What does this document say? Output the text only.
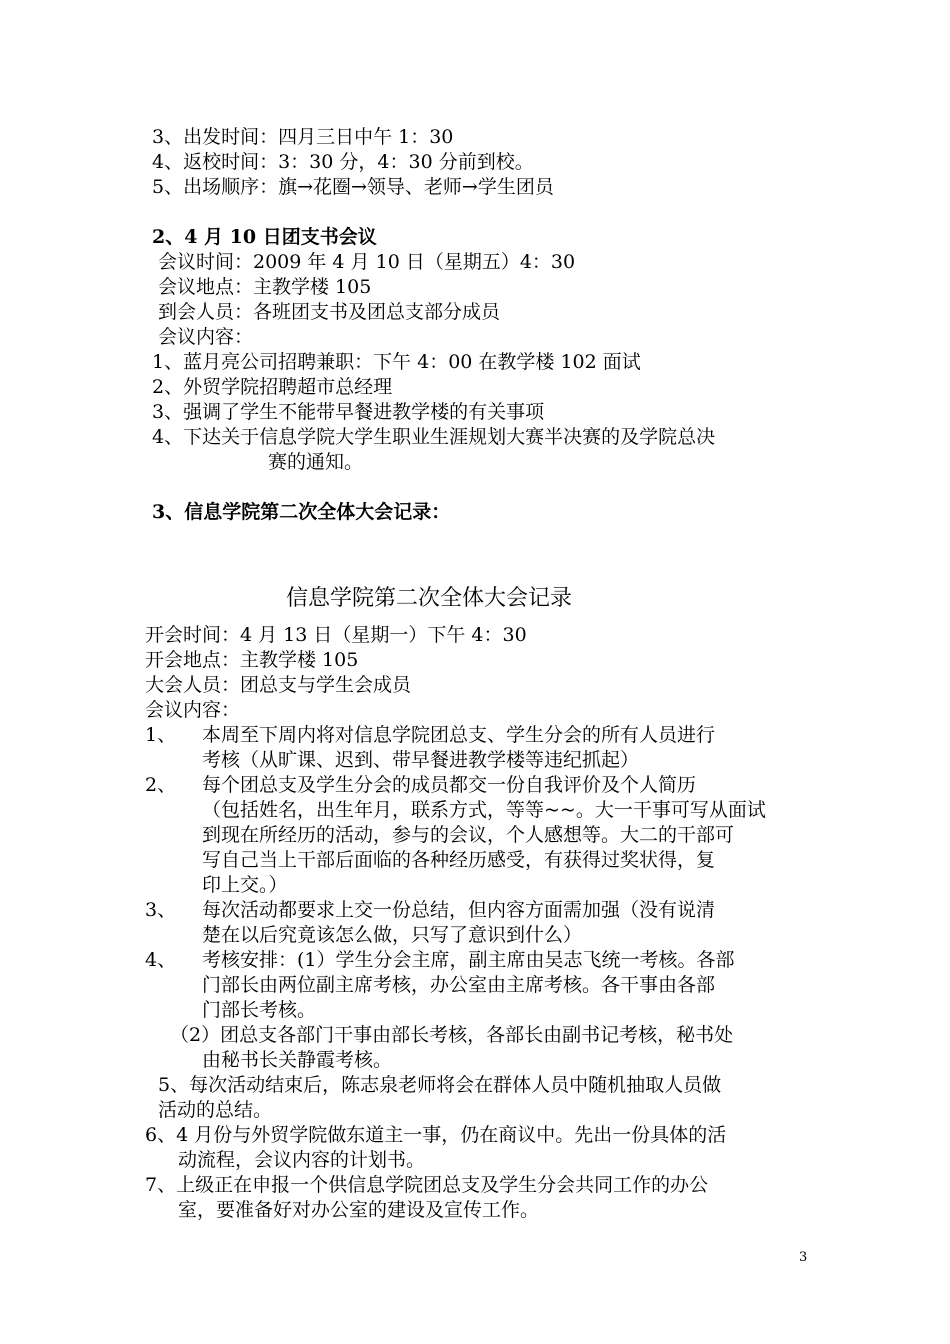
3、出发时间：四月三日中午 1：30
4、返校时间：3：30 分，4：30 分前到校。
5、出场顺序：旗→花圈→领导、老师→学生团员
2、4 月 10 日团支书会议
会议时间：2009 年 4 月 10 日（星期五）4：30
会议地点：主教学楼 105
到会人员：各班团支书及团总支部分成员
会议内容：
1、蓝月亮公司招聘兼职：下午 4：00 在教学楼 102 面试
2、外贸学院招聘超市总经理
3、强调了学生不能带早餐进教学楼的有关事项
4、下达关于信息学院大学生职业生涯规划大赛半决赛的及学院总决
赛的通知。
3、信息学院第二次全体大会记录：
信息学院第二次全体大会记录
开会时间：4 月 13 日（星期一）下午 4：30
开会地点：主教学楼 105
大会人员：团总支与学生会成员
会议内容：
1、 本周至下周内将对信息学院团总支、学生分会的所有人员进行
考核（从旷课、迟到、带早餐进教学楼等违纪抓起）
2、 每个团总支及学生分会的成员都交一份自我评价及个人简历
（包括姓名，出生年月，联系方式，等等~~。大一干事可写从面试
到现在所经历的活动，参与的会议，个人感想等。大二的干部可
写自己当上干部后面临的各种经历感受，有获得过奖状得，复
印上交。）
3、 每次活动都要求上交一份总结，但内容方面需加强（没有说清
楚在以后究竟该怎么做，只写了意识到什么）
4、 考核安排：(1）学生分会主席，副主席由吴志飞统一考核。各部
门部长由两位副主席考核，办公室由主席考核。各干事由各部
门部长考核。
（2）团总支各部门干事由部长考核，各部长由副书记考核，秘书处
由秘书长关静霞考核。
5、每次活动结束后，陈志泉老师将会在群体人员中随机抽取人员做
活动的总结。
6、4 月份与外贸学院做东道主一事，仍在商议中。先出一份具体的活
动流程，会议内容的计划书。
7、上级正在申报一个供信息学院团总支及学生分会共同工作的办公
室，要准备好对办公室的建设及宣传工作。
3
